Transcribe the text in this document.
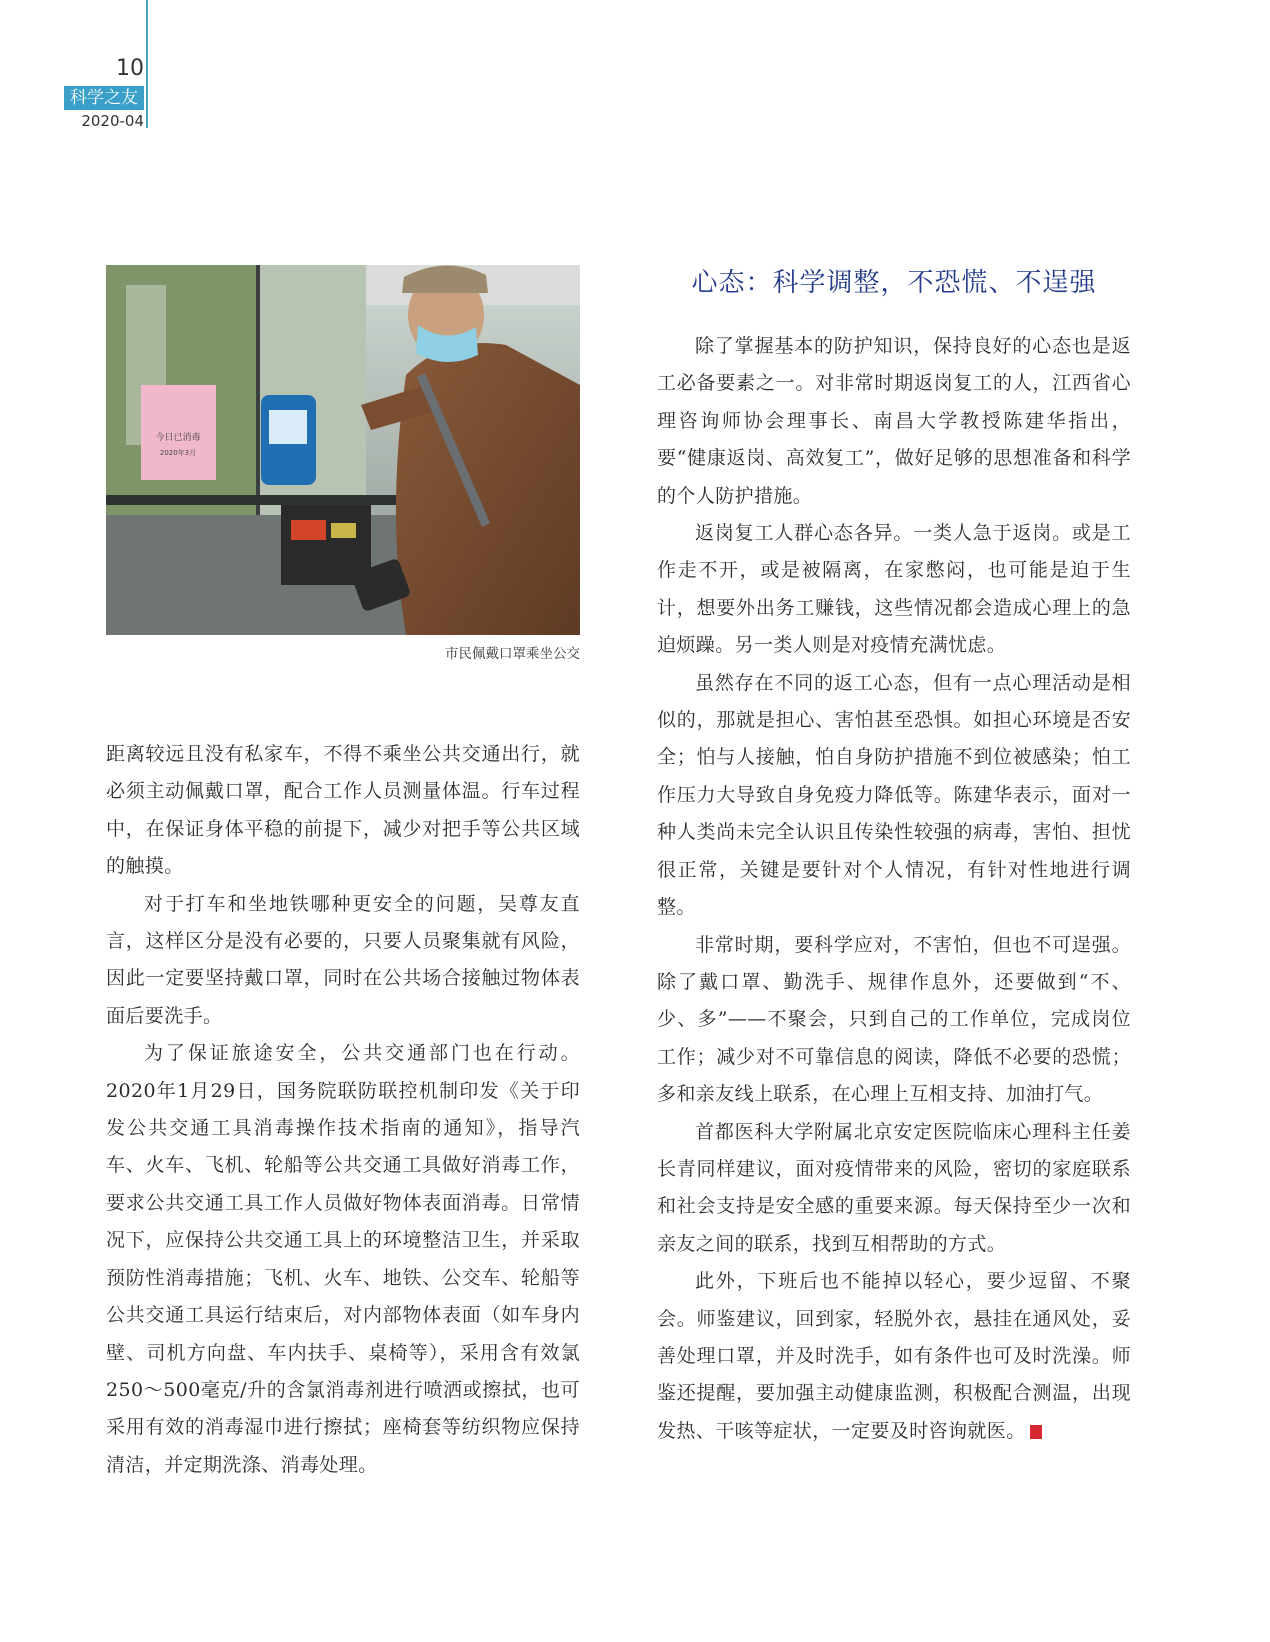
10
科学之友
2020-04
今日已消毒
2020年3月
市民佩戴口罩乘坐公交

距离较远且没有私家车，不得不乘坐公共交通出行，就必须主动佩戴口罩，配合工作人员测量体温。行车过程中，在保证身体平稳的前提下，减少对把手等公共区域的触摸。

对于打车和坐地铁哪种更安全的问题，吴尊友直言，这样区分是没有必要的，只要人员聚集就有风险，因此一定要坚持戴口罩，同时在公共场合接触过物体表面后要洗手。

为了保证旅途安全，公共交通部门也在行动。2020年1月29日，国务院联防联控机制印发《关于印发公共交通工具消毒操作技术指南的通知》，指导汽车、火车、飞机、轮船等公共交通工具做好消毒工作，要求公共交通工具工作人员做好物体表面消毒。日常情况下，应保持公共交通工具上的环境整洁卫生，并采取预防性消毒措施；飞机、火车、地铁、公交车、轮船等公共交通工具运行结束后，对内部物体表面（如车身内壁、司机方向盘、车内扶手、桌椅等），采用含有效氯250～500毫克/升的含氯消毒剂进行喷洒或擦拭，也可采用有效的消毒湿巾进行擦拭；座椅套等纺织物应保持清洁，并定期洗涤、消毒处理。

心态：科学调整，不恐慌、不逞强

除了掌握基本的防护知识，保持良好的心态也是返工必备要素之一。对非常时期返岗复工的人，江西省心理咨询师协会理事长、南昌大学教授陈建华指出，要“健康返岗、高效复工”，做好足够的思想准备和科学的个人防护措施。

返岗复工人群心态各异。一类人急于返岗。或是工作走不开，或是被隔离，在家憋闷，也可能是迫于生计，想要外出务工赚钱，这些情况都会造成心理上的急迫烦躁。另一类人则是对疫情充满忧虑。

虽然存在不同的返工心态，但有一点心理活动是相似的，那就是担心、害怕甚至恐惧。如担心环境是否安全；怕与人接触，怕自身防护措施不到位被感染；怕工作压力大导致自身免疫力降低等。陈建华表示，面对一种人类尚未完全认识且传染性较强的病毒，害怕、担忧很正常，关键是要针对个人情况，有针对性地进行调整。

非常时期，要科学应对，不害怕，但也不可逞强。除了戴口罩、勤洗手、规律作息外，还要做到“不、少、多”——不聚会，只到自己的工作单位，完成岗位工作；减少对不可靠信息的阅读，降低不必要的恐慌；多和亲友线上联系，在心理上互相支持、加油打气。

首都医科大学附属北京安定医院临床心理科主任姜长青同样建议，面对疫情带来的风险，密切的家庭联系和社会支持是安全感的重要来源。每天保持至少一次和亲友之间的联系，找到互相帮助的方式。

此外，下班后也不能掉以轻心，要少逗留、不聚会。师鉴建议，回到家，轻脱外衣，悬挂在通风处，妥善处理口罩，并及时洗手，如有条件也可及时洗澡。师鉴还提醒，要加强主动健康监测，积极配合测温，出现发热、干咳等症状，一定要及时咨询就医。	S
